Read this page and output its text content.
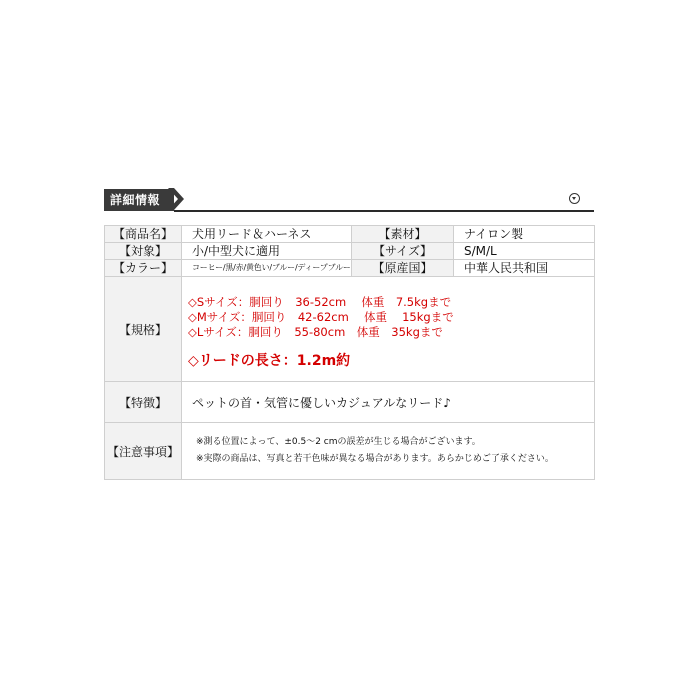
詳細情報
【商品名】	犬用リード＆ハーネス	【素材】	ナイロン製
【対象】	小/中型犬に適用	【サイズ】	S/M/L
【カラー】	コーヒー/黒/赤/黄色い/ブルー/ディープブルー	【原産国】	中華人民共和国
【規格】	◇Sサイズ：胴回り　36-52cm　 体重　7.5kgまで
◇Mサイズ：胴回り　42-62cm　 体重　 15kgまで
◇Lサイズ：胴回り　55-80cm　体重　35kgまで
◇リードの長さ：1.2m約		

【特徴】	ペットの首・気管に優しいカジュアルなリード♪		
【注意事項】	※測る位置によって、±0.5～2 cmの誤差が生じる場合がございます。
※実際の商品は、写真と若干色味が異なる場合があります。あらかじめご了承ください。		
